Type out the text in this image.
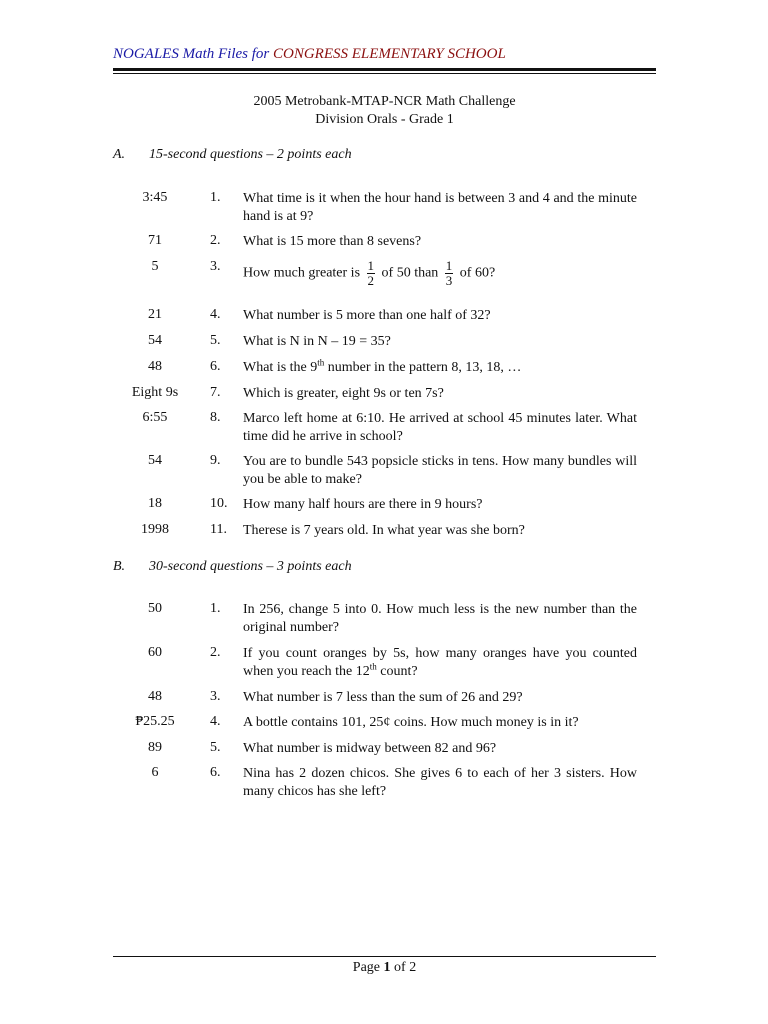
NOGALES Math Files for CONGRESS ELEMENTARY SCHOOL
2005 Metrobank-MTAP-NCR Math Challenge
Division Orals - Grade 1
A. 15-second questions – 2 points each
3:45	1.	What time is it when the hour hand is between 3 and 4 and the minute hand is at 9?
71	2.	What is 15 more than 8 sevens?
5	3.	How much greater is $\frac{1}{2}$ of 50 than $\frac{1}{3}$ of 60?
21	4.	What number is 5 more than one half of 32?
54	5.	What is N in N – 19 = 35?
48	6.	What is the 9th number in the pattern 8, 13, 18, …
Eight 9s	7.	Which is greater, eight 9s or ten 7s?
6:55	8.	Marco left home at 6:10. He arrived at school 45 minutes later. What time did he arrive in school?
54	9.	You are to bundle 543 popsicle sticks in tens. How many bundles will you be able to make?
18	10.	How many half hours are there in 9 hours?
1998	11.	Therese is 7 years old. In what year was she born?
B. 30-second questions – 3 points each
50	1.	In 256, change 5 into 0. How much less is the new number than the original number?
60	2.	If you count oranges by 5s, how many oranges have you counted when you reach the 12th count?
48	3.	What number is 7 less than the sum of 26 and 29?
₱25.25	4.	A bottle contains 101, 25¢ coins. How much money is in it?
89	5.	What number is midway between 82 and 96?
6	6.	Nina has 2 dozen chicos. She gives 6 to each of her 3 sisters. How many chicos has she left?
Page 1 of 2
